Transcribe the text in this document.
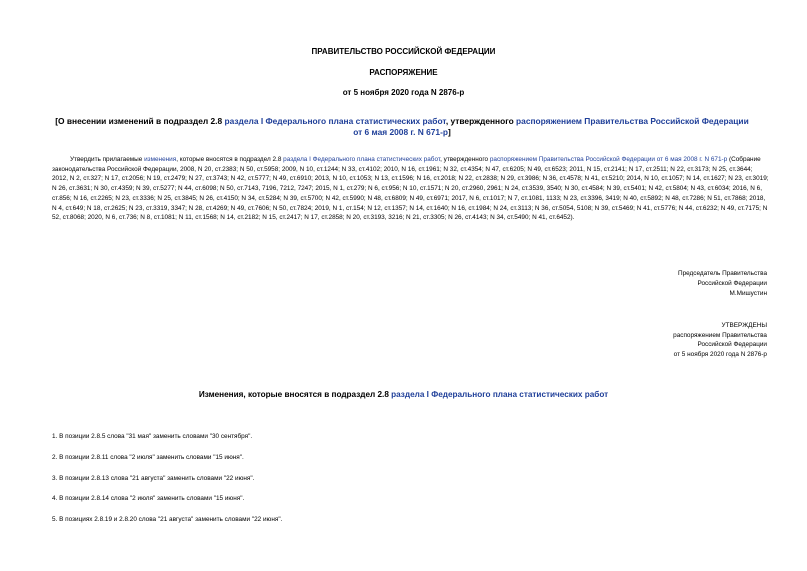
ПРАВИТЕЛЬСТВО РОССИЙСКОЙ ФЕДЕРАЦИИ
РАСПОРЯЖЕНИЕ
от 5 ноября 2020 года N 2876-р
[О внесении изменений в подраздел 2.8 раздела I Федерального плана статистических работ, утвержденного распоряжением Правительства Российской Федерации от 6 мая 2008 г. N 671-р]
Утвердить прилагаемые изменения, которые вносятся в подраздел 2.8 раздела I Федерального плана статистических работ, утвержденного распоряжением Правительства Российской Федерации от 6 мая 2008 г. N 671-р (Собрание законодательства Российской Федерации, 2008, N 20, ст.2383; N 50, ст.5958; 2009, N 10, ст.1244; N 33, ст.4102; 2010, N 16, ст.1961; N 32, ст.4354; N 47, ст.6205; N 49, ст.6523; 2011, N 15, ст.2141; N 17, ст.2511; N 22, ст.3173; N 25, ст.3644; 2012, N 2, ст.327; N 17, ст.2056; N 19, ст.2479; N 27, ст.3743; N 42, ст.5777; N 49, ст.6910; 2013, N 10, ст.1053; N 13, ст.1596; N 16, ст.2018; N 22, ст.2838; N 29, ст.3986; N 36, ст.4578; N 41, ст.5210; 2014, N 10, ст.1057; N 14, ст.1627; N 23, ст.3019; N 26, ст.3631; N 30, ст.4359; N 39, ст.5277; N 44, ст.6098; N 50, ст.7143, 7196, 7212, 7247; 2015, N 1, ст.279; N 6, ст.956; N 10, ст.1571; N 20, ст.2960, 2961; N 24, ст.3539, 3540; N 30, ст.4584; N 39, ст.5401; N 42, ст.5804; N 43, ст.6034; 2016, N 6, ст.856; N 16, ст.2265; N 23, ст.3336; N 25, ст.3845; N 26, ст.4150; N 34, ст.5284; N 39, ст.5700; N 42, ст.5990; N 48, ст.6809; N 49, ст.6971; 2017, N 6, ст.1017; N 7, ст.1081, 1133; N 23, ст.3396, 3419; N 40, ст.5892; N 48, ст.7286; N 51, ст.7868; 2018, N 4, ст.649; N 18, ст.2625; N 23, ст.3319, 3347; N 28, ст.4269; N 49, ст.7606; N 50, ст.7824; 2019, N 1, ст.154; N 12, ст.1357; N 14, ст.1640; N 16, ст.1984; N 24, ст.3113; N 36, ст.5054, 5108; N 39, ст.5469; N 41, ст.5776; N 44, ст.6232; N 49, ст.7175; N 52, ст.8068; 2020, N 6, ст.736; N 8, ст.1081; N 11, ст.1568; N 14, ст.2182; N 15, ст.2417; N 17, ст.2858; N 20, ст.3193, 3216; N 21, ст.3305; N 26, ст.4143; N 34, ст.5490; N 41, ст.6452).
Председатель Правительства
Российской Федерации
М.Мишустин
УТВЕРЖДЕНЫ
распоряжением Правительства
Российской Федерации
от 5 ноября 2020 года N 2876-р
Изменения, которые вносятся в подраздел 2.8 раздела I Федерального плана статистических работ
1. В позиции 2.8.5 слова "31 мая" заменить словами "30 сентября".
2. В позиции 2.8.11 слова "2 июля" заменить словами "15 июня".
3. В позиции 2.8.13 слова "21 августа" заменить словами "22 июня".
4. В позиции 2.8.14 слова "2 июля" заменить словами "15 июня".
5. В позициях 2.8.19 и 2.8.20 слова "21 августа" заменить словами "22 июня".
